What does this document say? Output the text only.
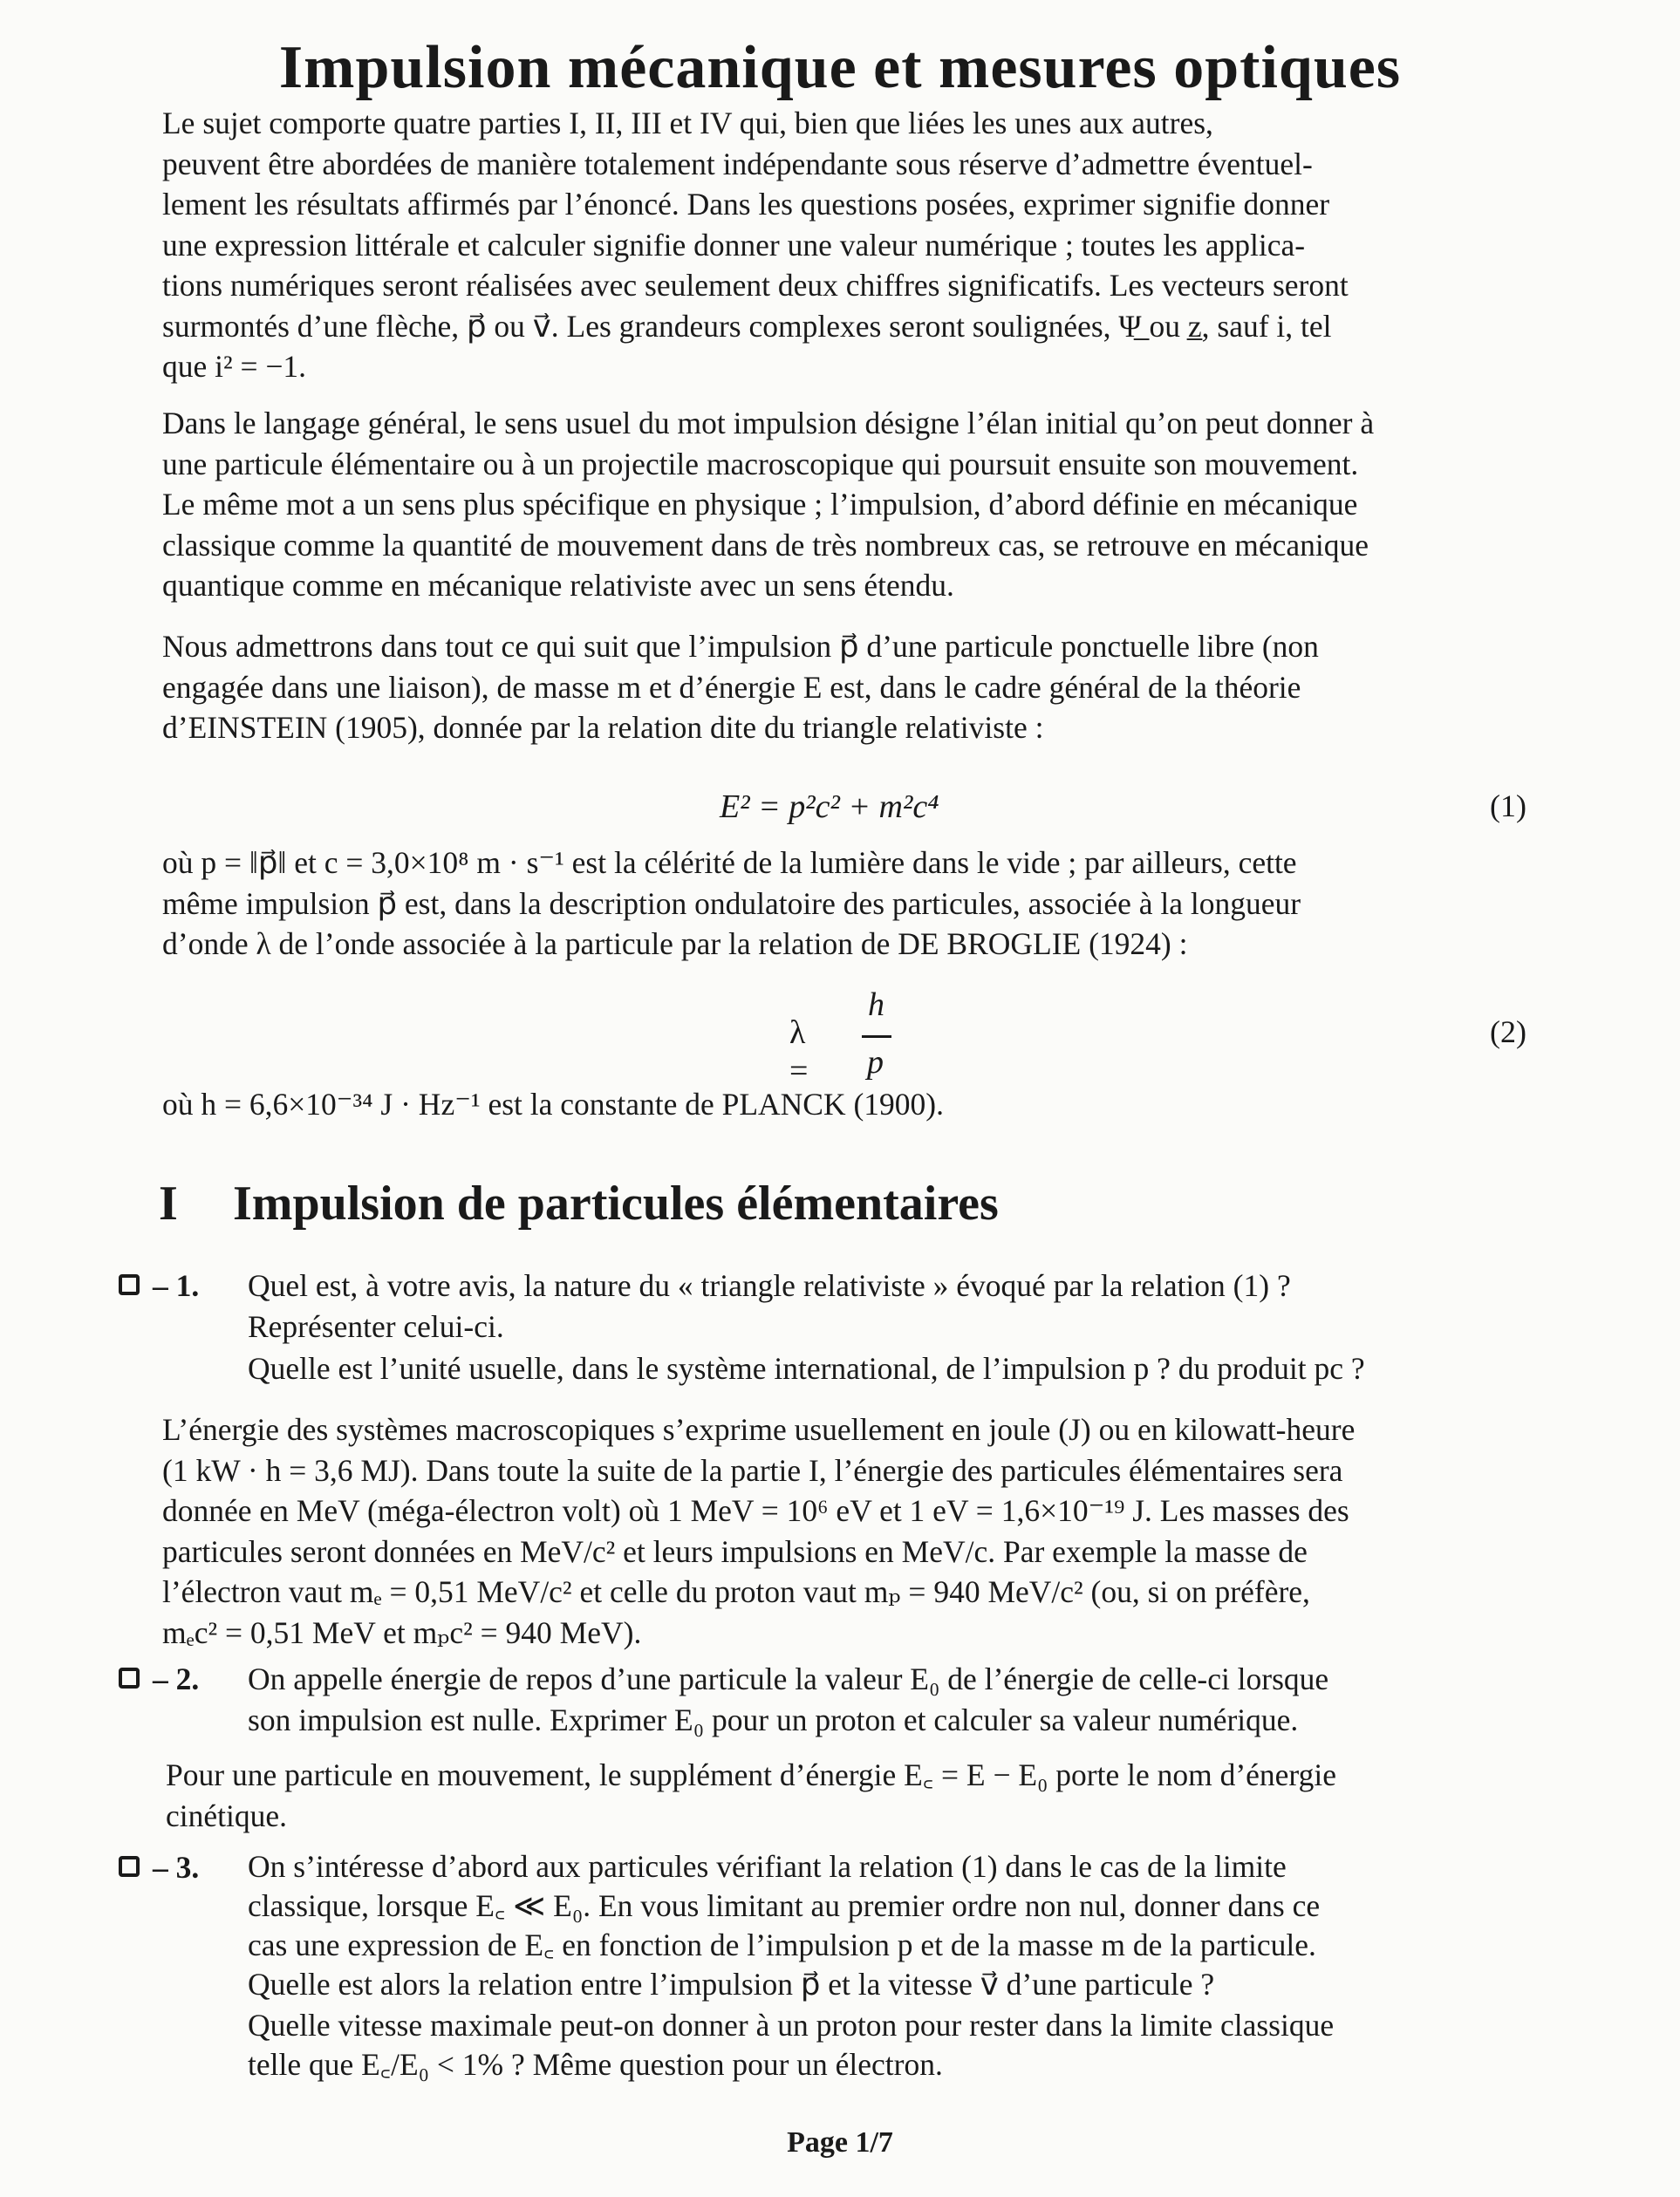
Impulsion mécanique et mesures optiques
Le sujet comporte quatre parties I, II, III et IV qui, bien que liées les unes aux autres,
peuvent être abordées de manière totalement indépendante sous réserve d’admettre éventuel-
lement les résultats affirmés par l’énoncé. Dans les questions posées, exprimer signifie donner
une expression littérale et calculer signifie donner une valeur numérique ; toutes les applica-
tions numériques seront réalisées avec seulement deux chiffres significatifs. Les vecteurs seront
surmontés d’une flèche, p⃗ ou v⃗. Les grandeurs complexes seront soulignées, Ψ̲ ou z̲, sauf i, tel
que i² = −1.
Dans le langage général, le sens usuel du mot impulsion désigne l’élan initial qu’on peut donner à
une particule élémentaire ou à un projectile macroscopique qui poursuit ensuite son mouvement.
Le même mot a un sens plus spécifique en physique ; l’impulsion, d’abord définie en mécanique
classique comme la quantité de mouvement dans de très nombreux cas, se retrouve en mécanique
quantique comme en mécanique relativiste avec un sens étendu.
Nous admettrons dans tout ce qui suit que l’impulsion p⃗ d’une particule ponctuelle libre (non
engagée dans une liaison), de masse m et d’énergie E est, dans le cadre général de la théorie
d’EINSTEIN (1905), donnée par la relation dite du triangle relativiste :
E² = p²c² + m²c⁴	(1)
où p = ‖p⃗‖ et c = 3,0×10⁸ m · s⁻¹ est la célérité de la lumière dans le vide ; par ailleurs, cette
même impulsion p⃗ est, dans la description ondulatoire des particules, associée à la longueur
d’onde λ de l’onde associée à la particule par la relation de DE BROGLIE (1924) :
λ =
h
p
(2)
où h = 6,6×10⁻³⁴ J · Hz⁻¹ est la constante de PLANCK (1900).
I Impulsion de particules élémentaires
– 1. Quel est, à votre avis, la nature du « triangle relativiste » évoqué par la relation (1) ?
Représenter celui-ci.
Quelle est l’unité usuelle, dans le système international, de l’impulsion p ? du produit pc ?
L’énergie des systèmes macroscopiques s’exprime usuellement en joule (J) ou en kilowatt-heure
(1 kW · h = 3,6 MJ). Dans toute la suite de la partie I, l’énergie des particules élémentaires sera
donnée en MeV (méga-électron volt) où 1 MeV = 10⁶ eV et 1 eV = 1,6×10⁻¹⁹ J. Les masses des
particules seront données en MeV/c² et leurs impulsions en MeV/c. Par exemple la masse de
l’électron vaut mₑ = 0,51 MeV/c² et celle du proton vaut mₚ = 940 MeV/c² (ou, si on préfère,
mₑc² = 0,51 MeV et mₚc² = 940 MeV).
– 2. On appelle énergie de repos d’une particule la valeur E₀ de l’énergie de celle-ci lorsque
son impulsion est nulle. Exprimer E₀ pour un proton et calculer sa valeur numérique.
Pour une particule en mouvement, le supplément d’énergie E꜀ = E − E₀ porte le nom d’énergie
cinétique.
– 3. On s’intéresse d’abord aux particules vérifiant la relation (1) dans le cas de la limite
classique, lorsque E꜀ ≪ E₀. En vous limitant au premier ordre non nul, donner dans ce
cas une expression de E꜀ en fonction de l’impulsion p et de la masse m de la particule.
Quelle est alors la relation entre l’impulsion p⃗ et la vitesse v⃗ d’une particule ?
Quelle vitesse maximale peut-on donner à un proton pour rester dans la limite classique
telle que E꜀/E₀ < 1% ? Même question pour un électron.
Page 1/7
